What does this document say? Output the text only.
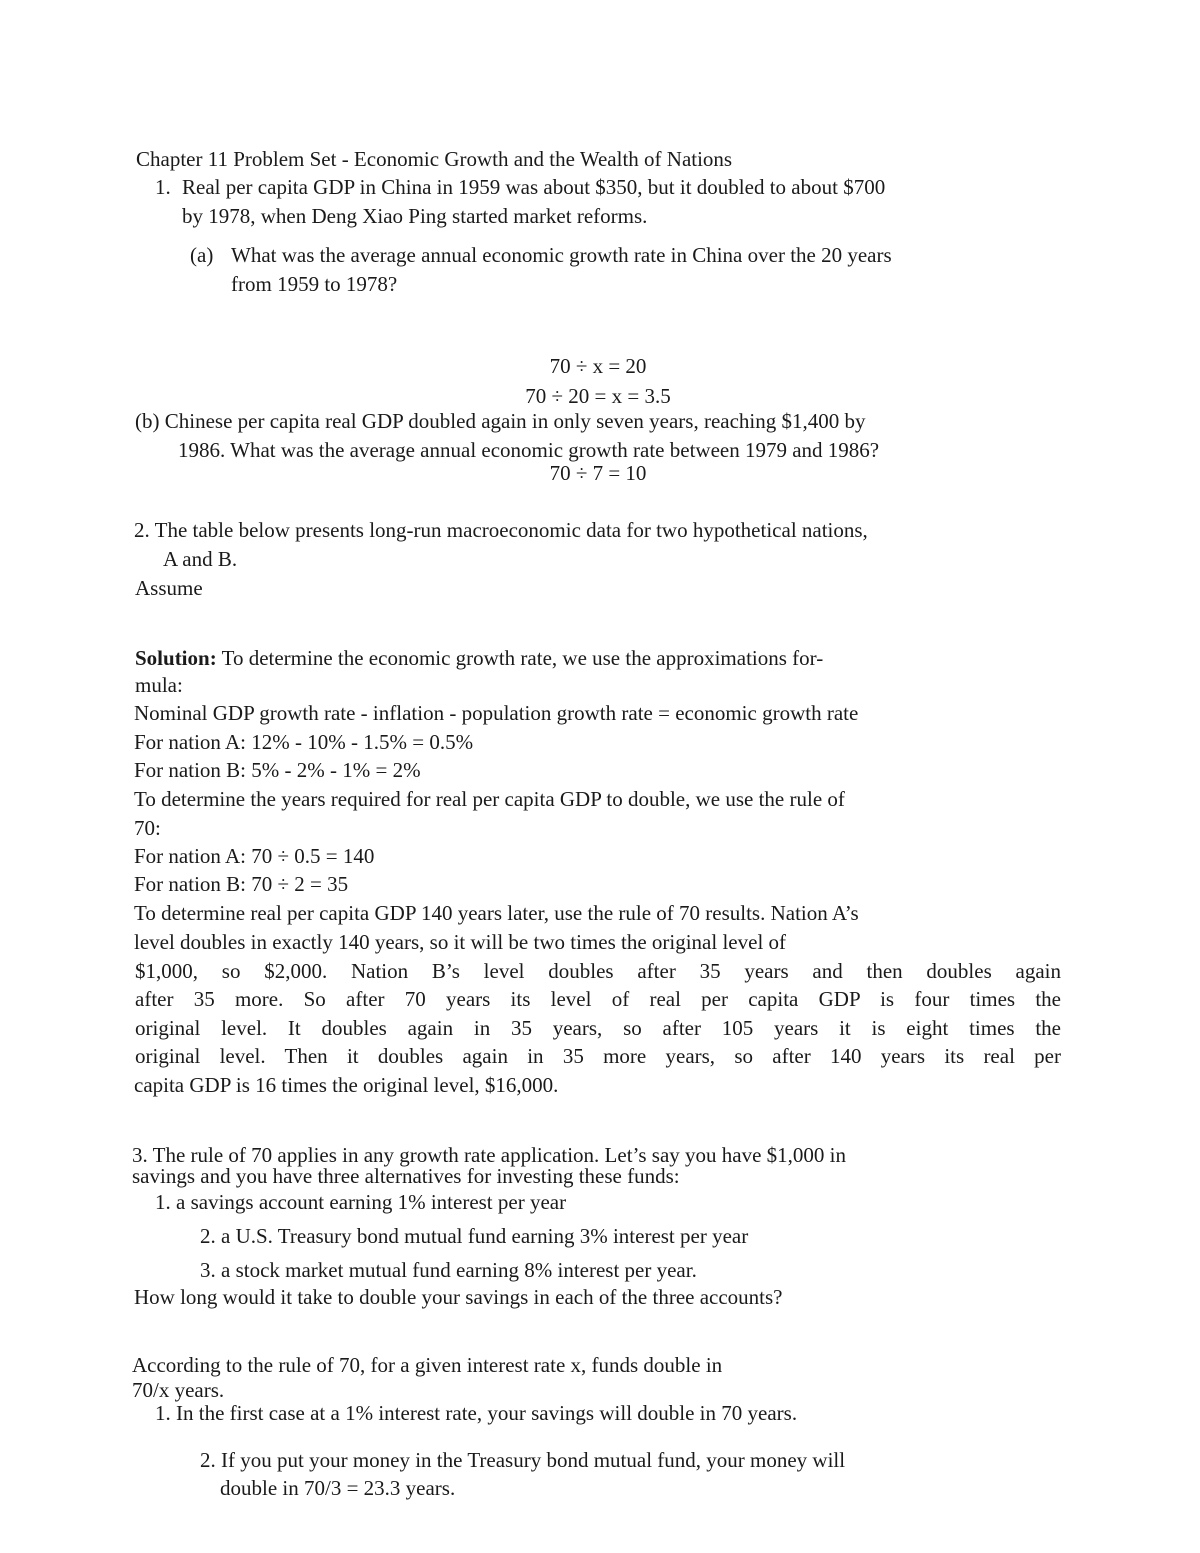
Chapter 11 Problem Set - Economic Growth and the Wealth of Nations
1. Real per capita GDP in China in 1959 was about $350, but it doubled to about $700
by 1978, when Deng Xiao Ping started market reforms.
(a) What was the average annual economic growth rate in China over the 20 years
from 1959 to 1978?
70 ÷ x = 20
70 ÷ 20 = x = 3.5
(b) Chinese per capita real GDP doubled again in only seven years, reaching $1,400 by
1986. What was the average annual economic growth rate between 1979 and 1986?
70 ÷ 7 = 10
2. The table below presents long-run macroeconomic data for two hypothetical nations,
A and B.
Assume
Solution: To determine the economic growth rate, we use the approximations for-
mula:
Nominal GDP growth rate - inflation - population growth rate = economic growth rate
For nation A: 12% - 10% - 1.5% = 0.5%
For nation B: 5% - 2% - 1% = 2%
To determine the years required for real per capita GDP to double, we use the rule of
70:
For nation A: 70 ÷ 0.5 = 140
For nation B: 70 ÷ 2 = 35
To determine real per capita GDP 140 years later, use the rule of 70 results. Nation A’s
level doubles in exactly 140 years, so it will be two times the original level of
$1,000, so $2,000. Nation B’s level doubles after 35 years and then doubles again
after 35 more. So after 70 years its level of real per capita GDP is four times the
original level. It doubles again in 35 years, so after 105 years it is eight times the
original level. Then it doubles again in 35 more years, so after 140 years its real per
capita GDP is 16 times the original level, $16,000.
3. The rule of 70 applies in any growth rate application. Let’s say you have $1,000 in
savings and you have three alternatives for investing these funds:
1. a savings account earning 1% interest per year
2. a U.S. Treasury bond mutual fund earning 3% interest per year
3. a stock market mutual fund earning 8% interest per year.
How long would it take to double your savings in each of the three accounts?
According to the rule of 70, for a given interest rate x, funds double in
70/x years.
1. In the first case at a 1% interest rate, your savings will double in 70 years.
2. If you put your money in the Treasury bond mutual fund, your money will
double in 70/3 = 23.3 years.
